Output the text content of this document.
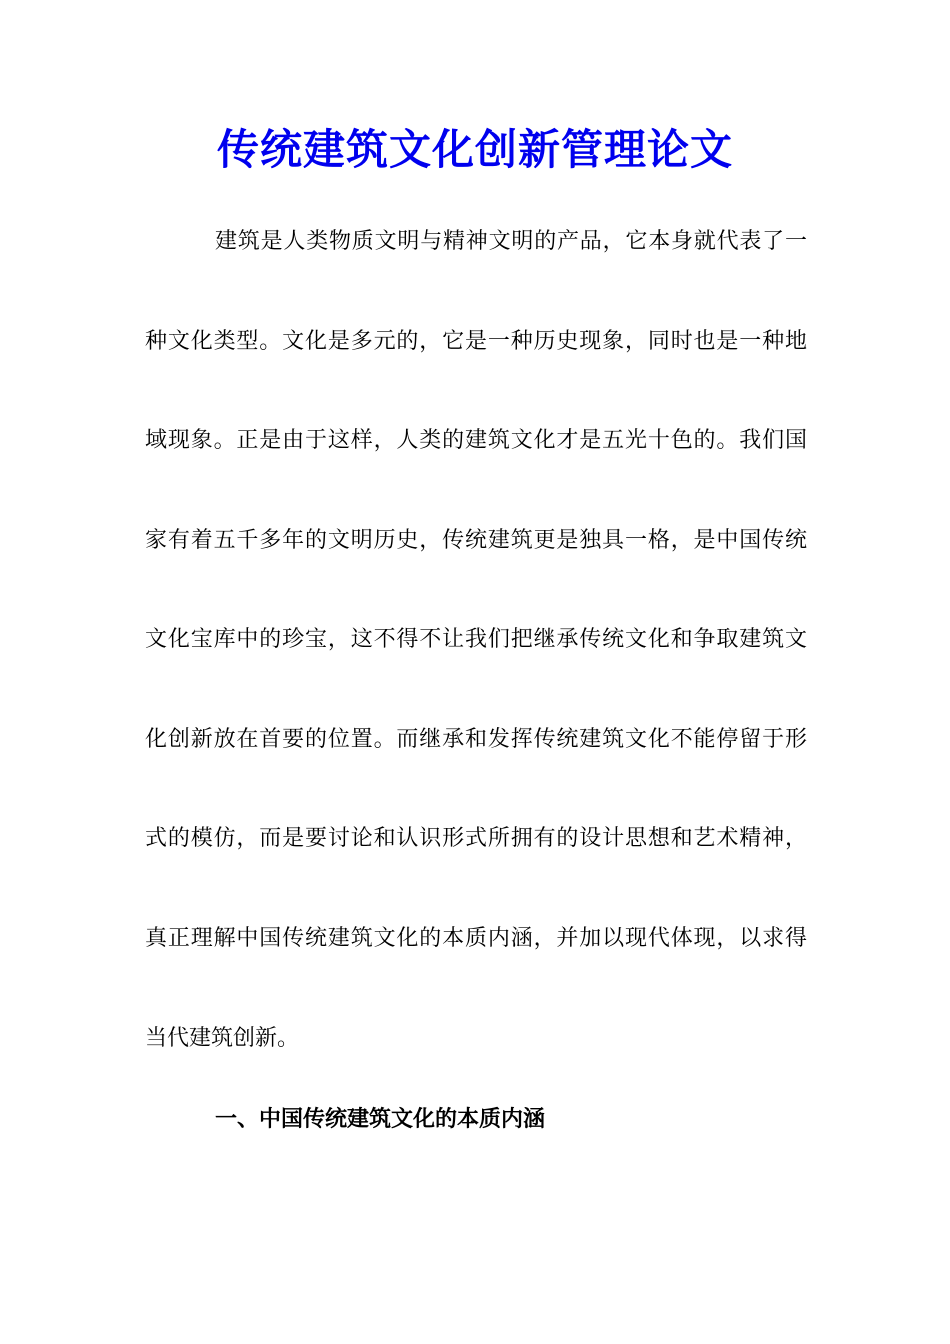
传统建筑文化创新管理论文

建筑是人类物质文明与精神文明的产品，它本身就代表了一

种文化类型。文化是多元的，它是一种历史现象，同时也是一种地

域现象。正是由于这样，人类的建筑文化才是五光十色的。我们国

家有着五千多年的文明历史，传统建筑更是独具一格，是中国传统

文化宝库中的珍宝，这不得不让我们把继承传统文化和争取建筑文

化创新放在首要的位置。而继承和发挥传统建筑文化不能停留于形

式的模仿，而是要讨论和认识形式所拥有的设计思想和艺术精神，

真正理解中国传统建筑文化的本质内涵，并加以现代体现，以求得

当代建筑创新。

一、中国传统建筑文化的本质内涵
